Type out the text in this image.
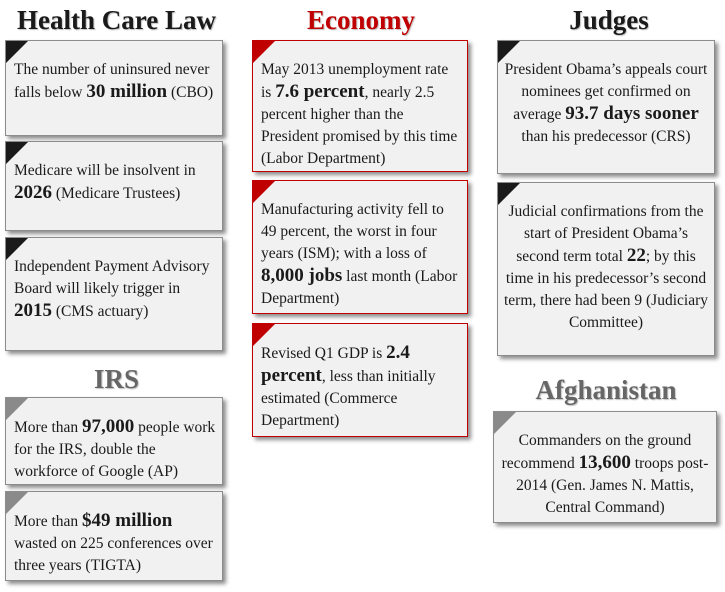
Health Care Law	Economy	Judges
IRS	Afghanistan
The number of uninsured never falls below 30 million (CBO)
Medicare will be insolvent in 2026 (Medicare Trustees)
Independent Payment Advisory Board will likely trigger in 2015 (CMS actuary)
More than 97,000 people work for the IRS, double the workforce of Google (AP)
More than $49 million wasted on 225 conferences over three years (TIGTA)
May 2013 unemployment rate is 7.6 percent, nearly 2.5 percent higher than the President promised by this time (Labor Department)
Manufacturing activity fell to 49 percent, the worst in four years (ISM); with a loss of 8,000 jobs last month (Labor Department)
Revised Q1 GDP is 2.4 percent, less than initially estimated (Commerce Department)
President Obama’s appeals court nominees get confirmed on average 93.7 days sooner than his predecessor (CRS)
Judicial confirmations from the start of President Obama’s second term total 22; by this time in his predecessor’s second term, there had been 9 (Judiciary Committee)
Commanders on the ground recommend 13,600 troops post-2014 (Gen. James N. Mattis, Central Command)
